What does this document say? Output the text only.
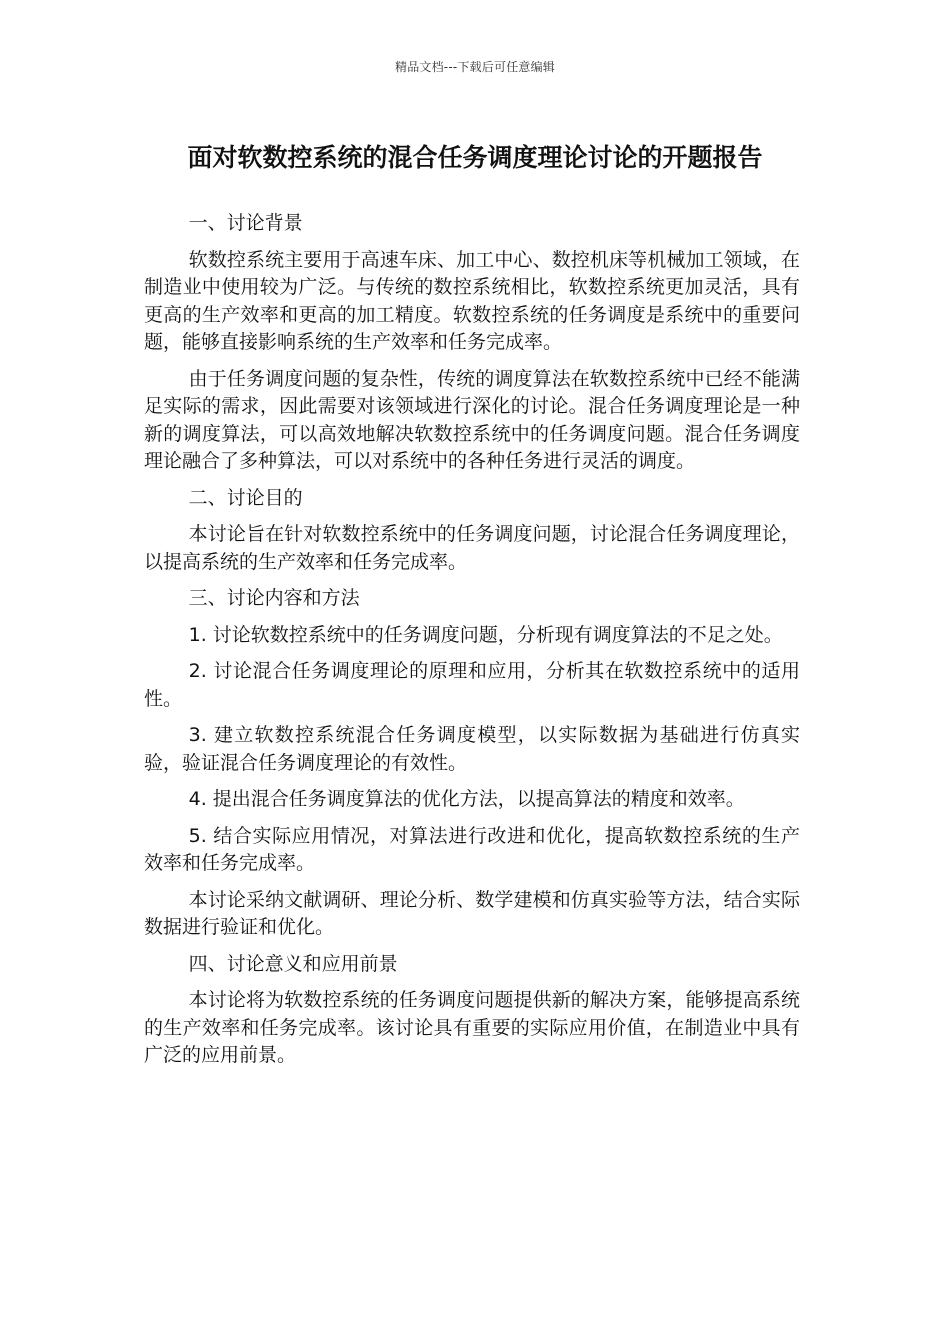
精品文档---下载后可任意编辑
面对软数控系统的混合任务调度理论讨论的开题报告

一、讨论背景

软数控系统主要用于高速车床、加工中心、数控机床等机械加工领域，在制造业中使用较为广泛。与传统的数控系统相比，软数控系统更加灵活，具有更高的生产效率和更高的加工精度。软数控系统的任务调度是系统中的重要问题，能够直接影响系统的生产效率和任务完成率。

由于任务调度问题的复杂性，传统的调度算法在软数控系统中已经不能满足实际的需求，因此需要对该领域进行深化的讨论。混合任务调度理论是一种新的调度算法，可以高效地解决软数控系统中的任务调度问题。混合任务调度理论融合了多种算法，可以对系统中的各种任务进行灵活的调度。

二、讨论目的

本讨论旨在针对软数控系统中的任务调度问题，讨论混合任务调度理论，以提高系统的生产效率和任务完成率。

三、讨论内容和方法

1. 讨论软数控系统中的任务调度问题，分析现有调度算法的不足之处。

2. 讨论混合任务调度理论的原理和应用，分析其在软数控系统中的适用性。

3. 建立软数控系统混合任务调度模型，以实际数据为基础进行仿真实验，验证混合任务调度理论的有效性。

4. 提出混合任务调度算法的优化方法，以提高算法的精度和效率。

5. 结合实际应用情况，对算法进行改进和优化，提高软数控系统的生产效率和任务完成率。

本讨论采纳文献调研、理论分析、数学建模和仿真实验等方法，结合实际数据进行验证和优化。

四、讨论意义和应用前景

本讨论将为软数控系统的任务调度问题提供新的解决方案，能够提高系统的生产效率和任务完成率。该讨论具有重要的实际应用价值，在制造业中具有广泛的应用前景。
